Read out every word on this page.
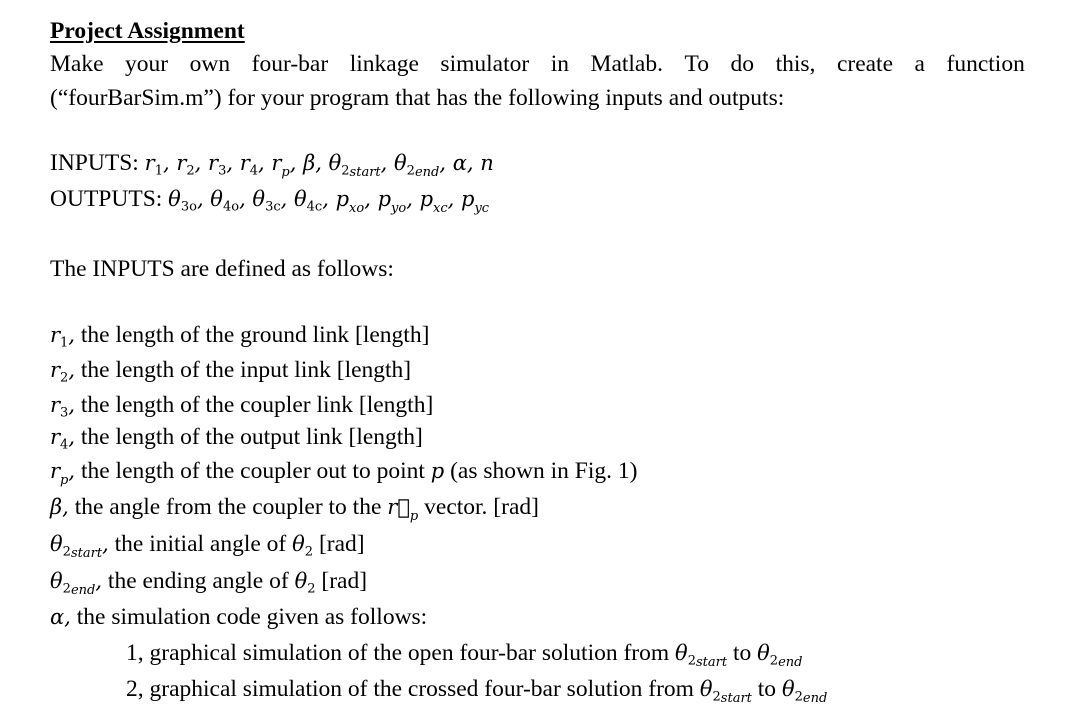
Project Assignment
Make your own four-bar linkage simulator in Matlab. To do this, create a function
(“fourBarSim.m”) for your program that has the following inputs and outputs:
INPUTS: $r_1$, $r_2$, $r_3$, $r_4$, $r_p$, β, $\theta_{2start}$, $\theta_{2end}$, α, n
OUTPUTS: $\theta_{3o}$, $\theta_{4o}$, $\theta_{3c}$, $\theta_{4c}$, $p_{xo}$, $p_{yo}$, $p_{xc}$, $p_{yc}$
The INPUTS are defined as follows:
$r_1$, the length of the ground link [length]
$r_2$, the length of the input link [length]
$r_3$, the length of the coupler link [length]
$r_4$, the length of the output link [length]
$r_p$, the length of the coupler out to point p (as shown in Fig. 1)
β, the angle from the coupler to the $r⃗_p$ vector. [rad]
$\theta_{2start}$, the initial angle of $\theta_2$ [rad]
$\theta_{2end}$, the ending angle of $\theta_2$ [rad]
α, the simulation code given as follows:
1, graphical simulation of the open four-bar solution from $\theta_{2start}$ to $\theta_{2end}$
2, graphical simulation of the crossed four-bar solution from $\theta_{2start}$ to $\theta_{2end}$
